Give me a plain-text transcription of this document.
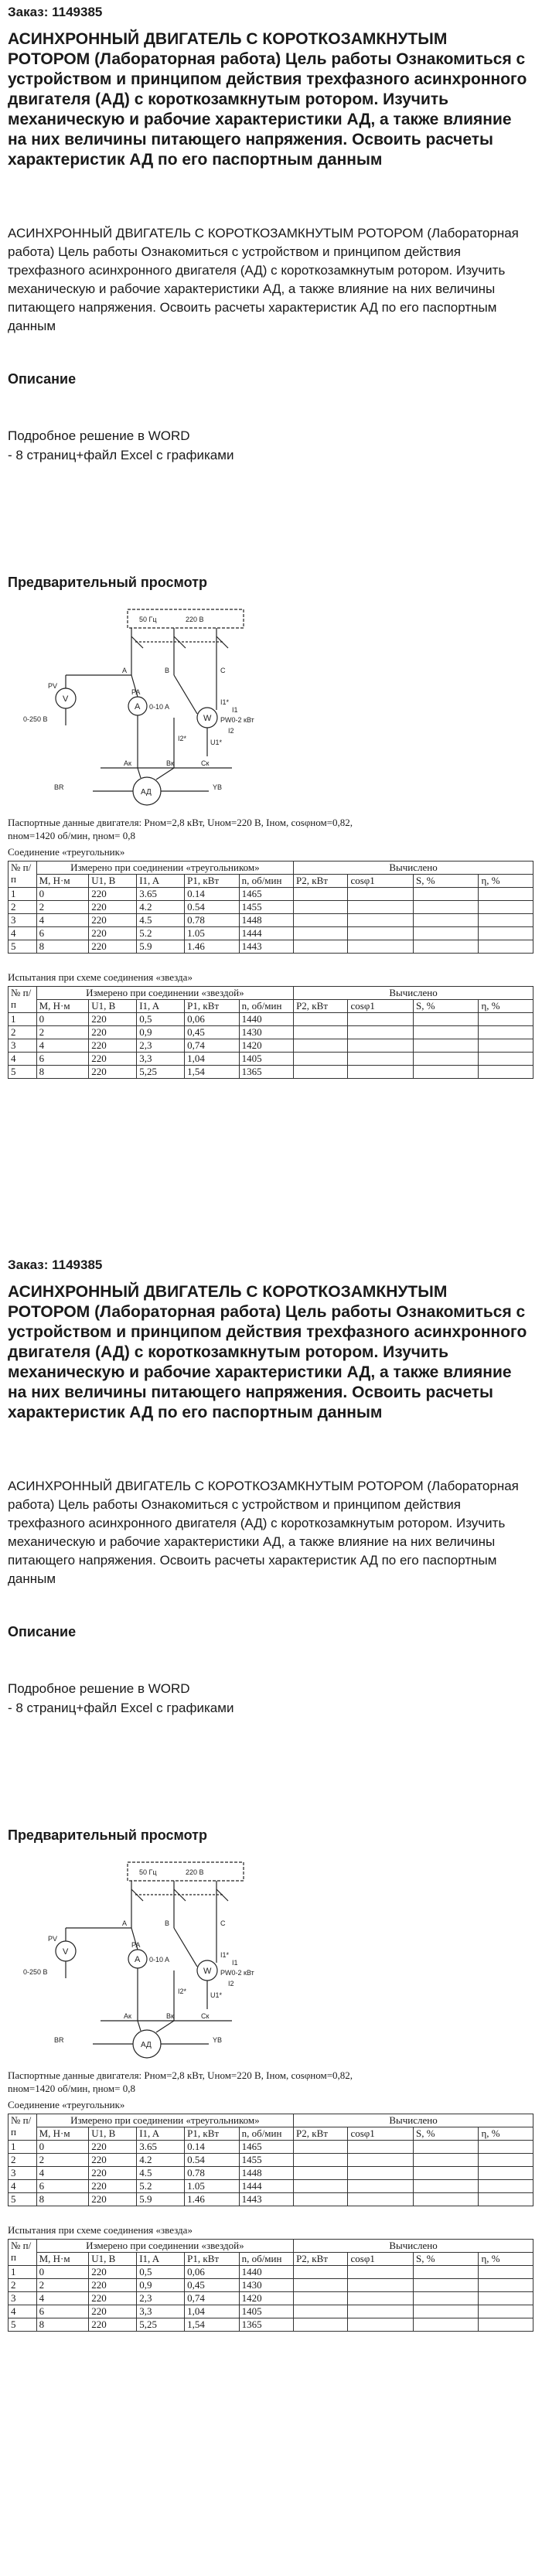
Заказ: 1149385
АСИНХРОННЫЙ ДВИГАТЕЛЬ С КОРОТКОЗАМКНУТЫМ РОТОРОМ (Лабораторная работа) Цель работы Ознакомиться с устройством и принципом действия трехфазного асинхронного двигателя (АД) с короткозамкнутым ротором. Изучить механическую и рабочие характеристики АД, а также влияние на них величины питающего напряжения. Освоить расчеты характеристик АД по его паспортным данным

АСИНХРОННЫЙ ДВИГАТЕЛЬ С КОРОТКОЗАМКНУТЫМ РОТОРОМ (Лабораторная работа) Цель работы Ознакомиться с устройством и принципом действия трехфазного асинхронного двигателя (АД) с короткозамкнутым ротором. Изучить механическую и рабочие характеристики АД, а также влияние на них величины питающего напряжения. Освоить расчеты характеристик АД по его паспортным данным

Описание
Подробное решение в WORD
- 8 страниц+файл Excel с графиками
Предварительный просмотр
50 Гц	220 В
A	B	C
PA
A 0-10 A
PV
V
0-250 В	W PW0-2 кВт
I1*
I2*	U1*
I1
I2
Aк	Вк	Ск
BR	YB
АД
Паспортные данные двигателя: Рном=2,8 кВт, Uном=220 В, Iном, cosφном=0,82,
nном=1420 об/мин, ηном= 0,8
Соединение «треугольник»
№ п/п	Измерено при соединении «треугольником»					Вычислено			
	M, Н·м	U1, В	I1, A	P1, кВт	n, об/мин	P2, кВт	cosφ1	S, %	η, %
1	0	220	3.65	0.14	1465				
2	2	220	4.2	0.54	1455				
3	4	220	4.5	0.78	1448				
4	6	220	5.2	1.05	1444				
5	8	220	5.9	1.46	1443				
Испытания при схеме соединения «звезда»
№ п/п	Измерено при соединении «звездой»					Вычислено			
	M, Н·м	U1, В	I1, A	P1, кВт	n, об/мин	P2, кВт	cosφ1	S, %	η, %
1	0	220	0,5	0,06	1440				
2	2	220	0,9	0,45	1430				
3	4	220	2,3	0,74	1420				
4	6	220	3,3	1,04	1405				
5	8	220	5,25	1,54	1365				
Заказ: 1149385
АСИНХРОННЫЙ ДВИГАТЕЛЬ С КОРОТКОЗАМКНУТЫМ РОТОРОМ (Лабораторная работа) Цель работы Ознакомиться с устройством и принципом действия трехфазного асинхронного двигателя (АД) с короткозамкнутым ротором. Изучить механическую и рабочие характеристики АД, а также влияние на них величины питающего напряжения. Освоить расчеты характеристик АД по его паспортным данным

АСИНХРОННЫЙ ДВИГАТЕЛЬ С КОРОТКОЗАМКНУТЫМ РОТОРОМ (Лабораторная работа) Цель работы Ознакомиться с устройством и принципом действия трехфазного асинхронного двигателя (АД) с короткозамкнутым ротором. Изучить механическую и рабочие характеристики АД, а также влияние на них величины питающего напряжения. Освоить расчеты характеристик АД по его паспортным данным

Описание
Подробное решение в WORD
- 8 страниц+файл Excel с графиками
Предварительный просмотр
50 Гц	220 В
A	B	C
PA
A 0-10 A
PV
V
0-250 В	W PW0-2 кВт
I1*
I2*	U1*
I1
I2
Aк	Вк	Ск
BR	YB
АД
Паспортные данные двигателя: Рном=2,8 кВт, Uном=220 В, Iном, cosφном=0,82,
nном=1420 об/мин, ηном= 0,8
Соединение «треугольник»
№ п/п	Измерено при соединении «треугольником»					Вычислено			
	M, Н·м	U1, В	I1, A	P1, кВт	n, об/мин	P2, кВт	cosφ1	S, %	η, %
1	0	220	3.65	0.14	1465				
2	2	220	4.2	0.54	1455				
3	4	220	4.5	0.78	1448				
4	6	220	5.2	1.05	1444				
5	8	220	5.9	1.46	1443				
Испытания при схеме соединения «звезда»
№ п/п	Измерено при соединении «звездой»					Вычислено			
	M, Н·м	U1, В	I1, A	P1, кВт	n, об/мин	P2, кВт	cosφ1	S, %	η, %
1	0	220	0,5	0,06	1440				
2	2	220	0,9	0,45	1430				
3	4	220	2,3	0,74	1420				
4	6	220	3,3	1,04	1405				
5	8	220	5,25	1,54	1365				
